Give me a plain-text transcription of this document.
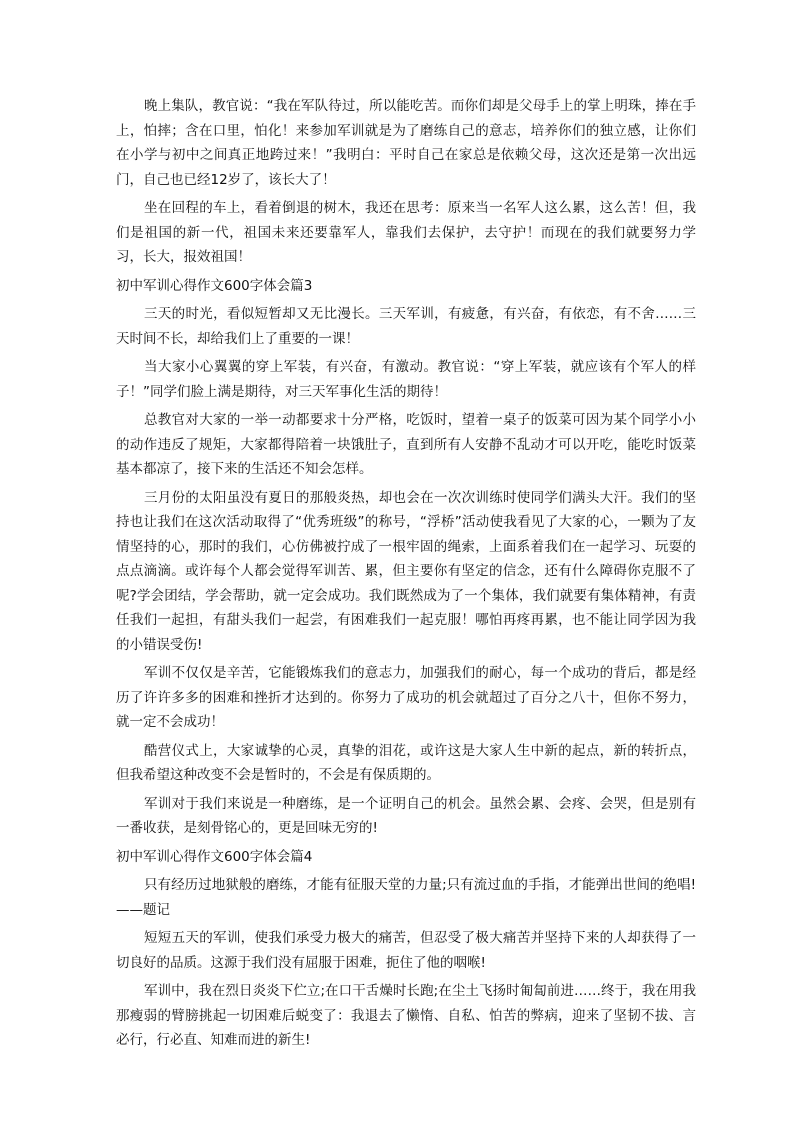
晚上集队，教官说：“我在军队待过，所以能吃苦。而你们却是父母手上的掌上明珠，捧在手上，怕摔；含在口里，怕化！来参加军训就是为了磨练自己的意志，培养你们的独立感，让你们在小学与初中之间真正地跨过来！”我明白：平时自己在家总是依赖父母，这次还是第一次出远门，自己也已经12岁了，该长大了！

坐在回程的车上，看着倒退的树木，我还在思考：原来当一名军人这么累，这么苦！但，我们是祖国的新一代，祖国未来还要靠军人，靠我们去保护，去守护！而现在的我们就要努力学习，长大，报效祖国！

初中军训心得作文600字体会篇3

三天的时光，看似短暂却又无比漫长。三天军训，有疲惫，有兴奋，有依恋，有不舍……三天时间不长，却给我们上了重要的一课！

当大家小心翼翼的穿上军装，有兴奋，有激动。教官说：“穿上军装，就应该有个军人的样子！”同学们脸上满是期待，对三天军事化生活的期待！

总教官对大家的一举一动都要求十分严格，吃饭时，望着一桌子的饭菜可因为某个同学小小的动作违反了规矩，大家都得陪着一块饿肚子，直到所有人安静不乱动才可以开吃，能吃时饭菜基本都凉了，接下来的生活还不知会怎样。

三月份的太阳虽没有夏日的那般炎热，却也会在一次次训练时使同学们满头大汗。我们的坚持也让我们在这次活动取得了“优秀班级”的称号，“浮桥”活动使我看见了大家的心，一颗为了友情坚持的心，那时的我们，心仿佛被拧成了一根牢固的绳索，上面系着我们在一起学习、玩耍的点点滴滴。或许每个人都会觉得军训苦、累，但主要你有坚定的信念，还有什么障碍你克服不了呢?学会团结，学会帮助，就一定会成功。我们既然成为了一个集体，我们就要有集体精神，有责任我们一起担，有甜头我们一起尝，有困难我们一起克服！哪怕再疼再累，也不能让同学因为我的小错误受伤!

军训不仅仅是辛苦，它能锻炼我们的意志力，加强我们的耐心，每一个成功的背后，都是经历了许许多多的困难和挫折才达到的。你努力了成功的机会就超过了百分之八十，但你不努力，就一定不会成功！

酷营仪式上，大家诚挚的心灵，真挚的泪花，或许这是大家人生中新的起点，新的转折点，但我希望这种改变不会是暂时的，不会是有保质期的。

军训对于我们来说是一种磨练，是一个证明自己的机会。虽然会累、会疼、会哭，但是别有一番收获，是刻骨铭心的，更是回味无穷的!

初中军训心得作文600字体会篇4

只有经历过地狱般的磨练，才能有征服天堂的力量;只有流过血的手指，才能弹出世间的绝唱!——题记

短短五天的军训，使我们承受力极大的痛苦，但忍受了极大痛苦并坚持下来的人却获得了一切良好的品质。这源于我们没有屈服于困难，扼住了他的咽喉!

军训中，我在烈日炎炎下伫立;在口干舌燥时长跑;在尘土飞扬时匍匐前进……终于，我在用我那瘦弱的臂膀挑起一切困难后蜕变了：我退去了懒惰、自私、怕苦的弊病，迎来了坚韧不拔、言必行，行必直、知难而进的新生!
